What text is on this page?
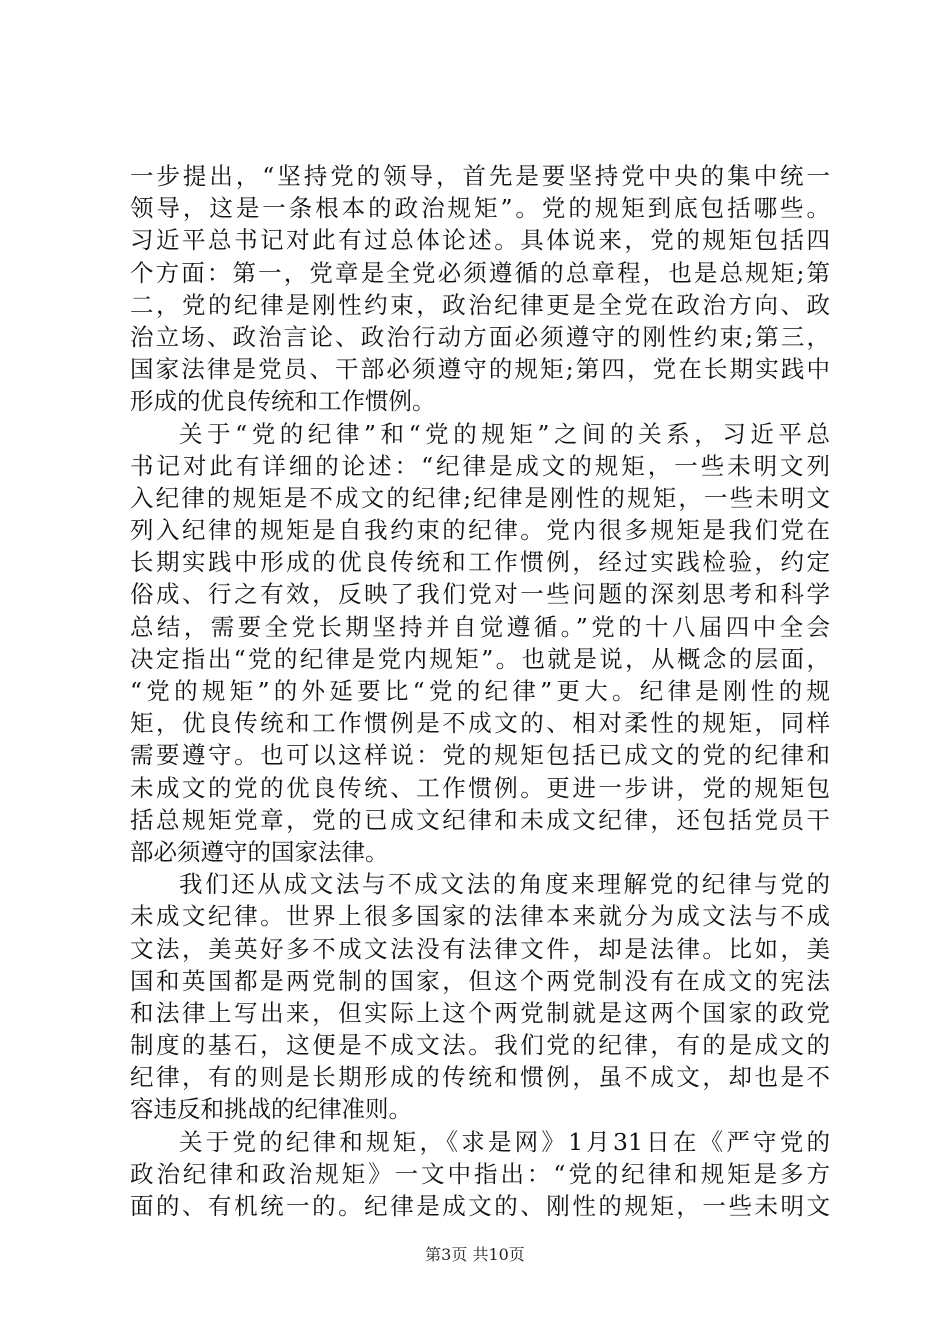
一步提出，“坚持党的领导，首先是要坚持党中央的集中统一
领导，这是一条根本的政治规矩”。党的规矩到底包括哪些。
习近平总书记对此有过总体论述。具体说来，党的规矩包括四
个方面：第一，党章是全党必须遵循的总章程，也是总规矩;第
二，党的纪律是刚性约束，政治纪律更是全党在政治方向、政
治立场、政治言论、政治行动方面必须遵守的刚性约束;第三，
国家法律是党员、干部必须遵守的规矩;第四，党在长期实践中
形成的优良传统和工作惯例。
关于“党的纪律”和“党的规矩”之间的关系，习近平总
书记对此有详细的论述：“纪律是成文的规矩，一些未明文列
入纪律的规矩是不成文的纪律;纪律是刚性的规矩，一些未明文
列入纪律的规矩是自我约束的纪律。党内很多规矩是我们党在
长期实践中形成的优良传统和工作惯例，经过实践检验，约定
俗成、行之有效，反映了我们党对一些问题的深刻思考和科学
总结，需要全党长期坚持并自觉遵循。”党的十八届四中全会
决定指出“党的纪律是党内规矩”。也就是说，从概念的层面，
“党的规矩”的外延要比“党的纪律”更大。纪律是刚性的规
矩，优良传统和工作惯例是不成文的、相对柔性的规矩，同样
需要遵守。也可以这样说：党的规矩包括已成文的党的纪律和
未成文的党的优良传统、工作惯例。更进一步讲，党的规矩包
括总规矩党章，党的已成文纪律和未成文纪律，还包括党员干
部必须遵守的国家法律。
我们还从成文法与不成文法的角度来理解党的纪律与党的
未成文纪律。世界上很多国家的法律本来就分为成文法与不成
文法，美英好多不成文法没有法律文件，却是法律。比如，美
国和英国都是两党制的国家，但这个两党制没有在成文的宪法
和法律上写出来，但实际上这个两党制就是这两个国家的政党
制度的基石，这便是不成文法。我们党的纪律，有的是成文的
纪律，有的则是长期形成的传统和惯例，虽不成文，却也是不
容违反和挑战的纪律准则。
关于党的纪律和规矩，《求是网》1月31日在《严守党的
政治纪律和政治规矩》一文中指出：“党的纪律和规矩是多方
面的、有机统一的。纪律是成文的、刚性的规矩，一些未明文
第3页 共10页
